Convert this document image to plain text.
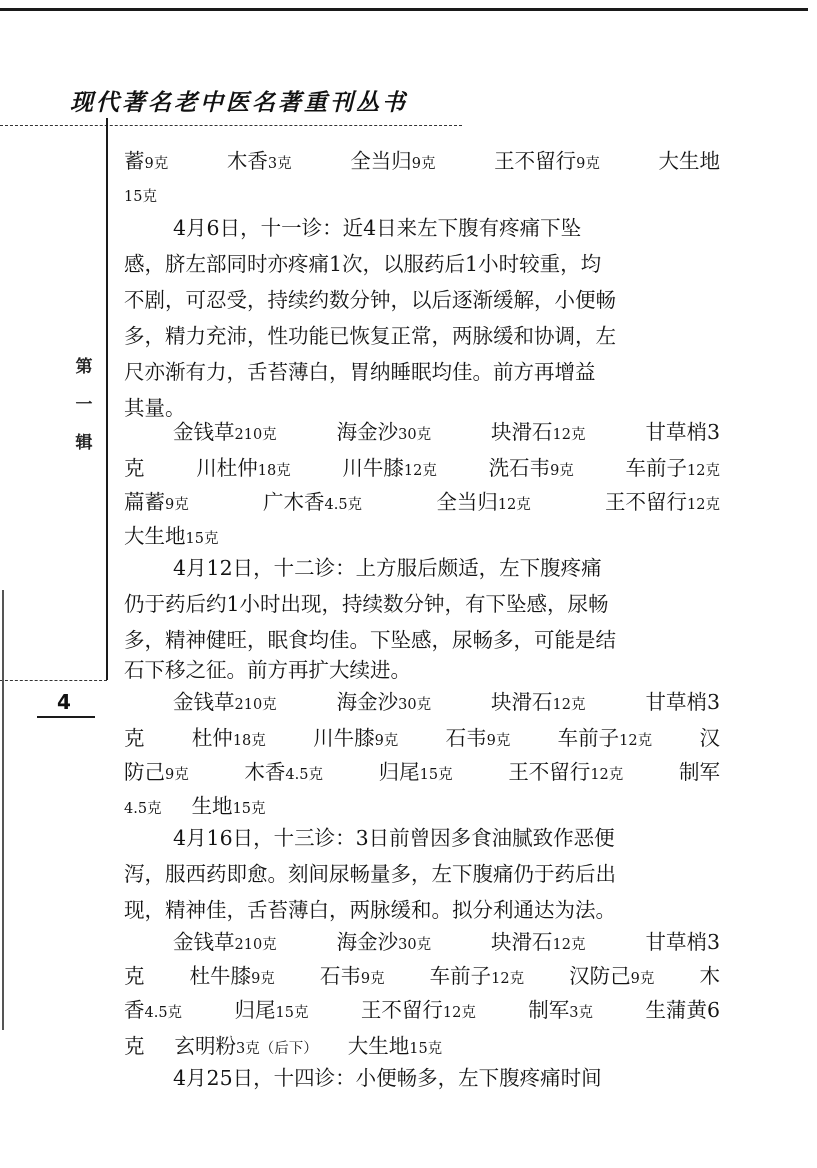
现代著名老中医名著重刊丛书
第
一
辑
4
蓄9克	木香3克	全当归9克	王不留行9克	大生地
15克
4月6日，十一诊：近4日来左下腹有疼痛下坠
感，脐左部同时亦疼痛1次，以服药后1小时较重，均
不剧，可忍受，持续约数分钟，以后逐渐缓解，小便畅
多，精力充沛，性功能已恢复正常，两脉缓和协调，左
尺亦渐有力，舌苔薄白，胃纳睡眠均佳。前方再增益
其量。
金钱草210克	海金沙30克	块滑石12克	甘草梢3
克	川杜仲18克	川牛膝12克	洗石韦9克	车前子12克
萹蓄9克	广木香4.5克	全当归12克	王不留行12克
大生地15克
4月12日，十二诊：上方服后颇适，左下腹疼痛
仍于药后约1小时出现，持续数分钟，有下坠感，尿畅
多，精神健旺，眠食均佳。下坠感，尿畅多，可能是结
石下移之征。前方再扩大续进。
金钱草210克	海金沙30克	块滑石12克	甘草梢3
克 杜仲18克 川牛膝9克 石韦9克 车前子12克 汉
防己9克	木香4.5克	归尾15克	王不留行12克	制军
4.5克 生地15克
4月16日，十三诊：3日前曾因多食油腻致作恶便
泻，服西药即愈。刻间尿畅量多，左下腹痛仍于药后出
现，精神佳，舌苔薄白，两脉缓和。拟分利通达为法。
金钱草210克	海金沙30克	块滑石12克	甘草梢3
克 杜牛膝9克 石韦9克 车前子12克 汉防己9克 木
香4.5克	归尾15克	王不留行12克	制军3克	生蒲黄6
克 玄明粉3克（后下） 大生地15克
4月25日，十四诊：小便畅多，左下腹疼痛时间
